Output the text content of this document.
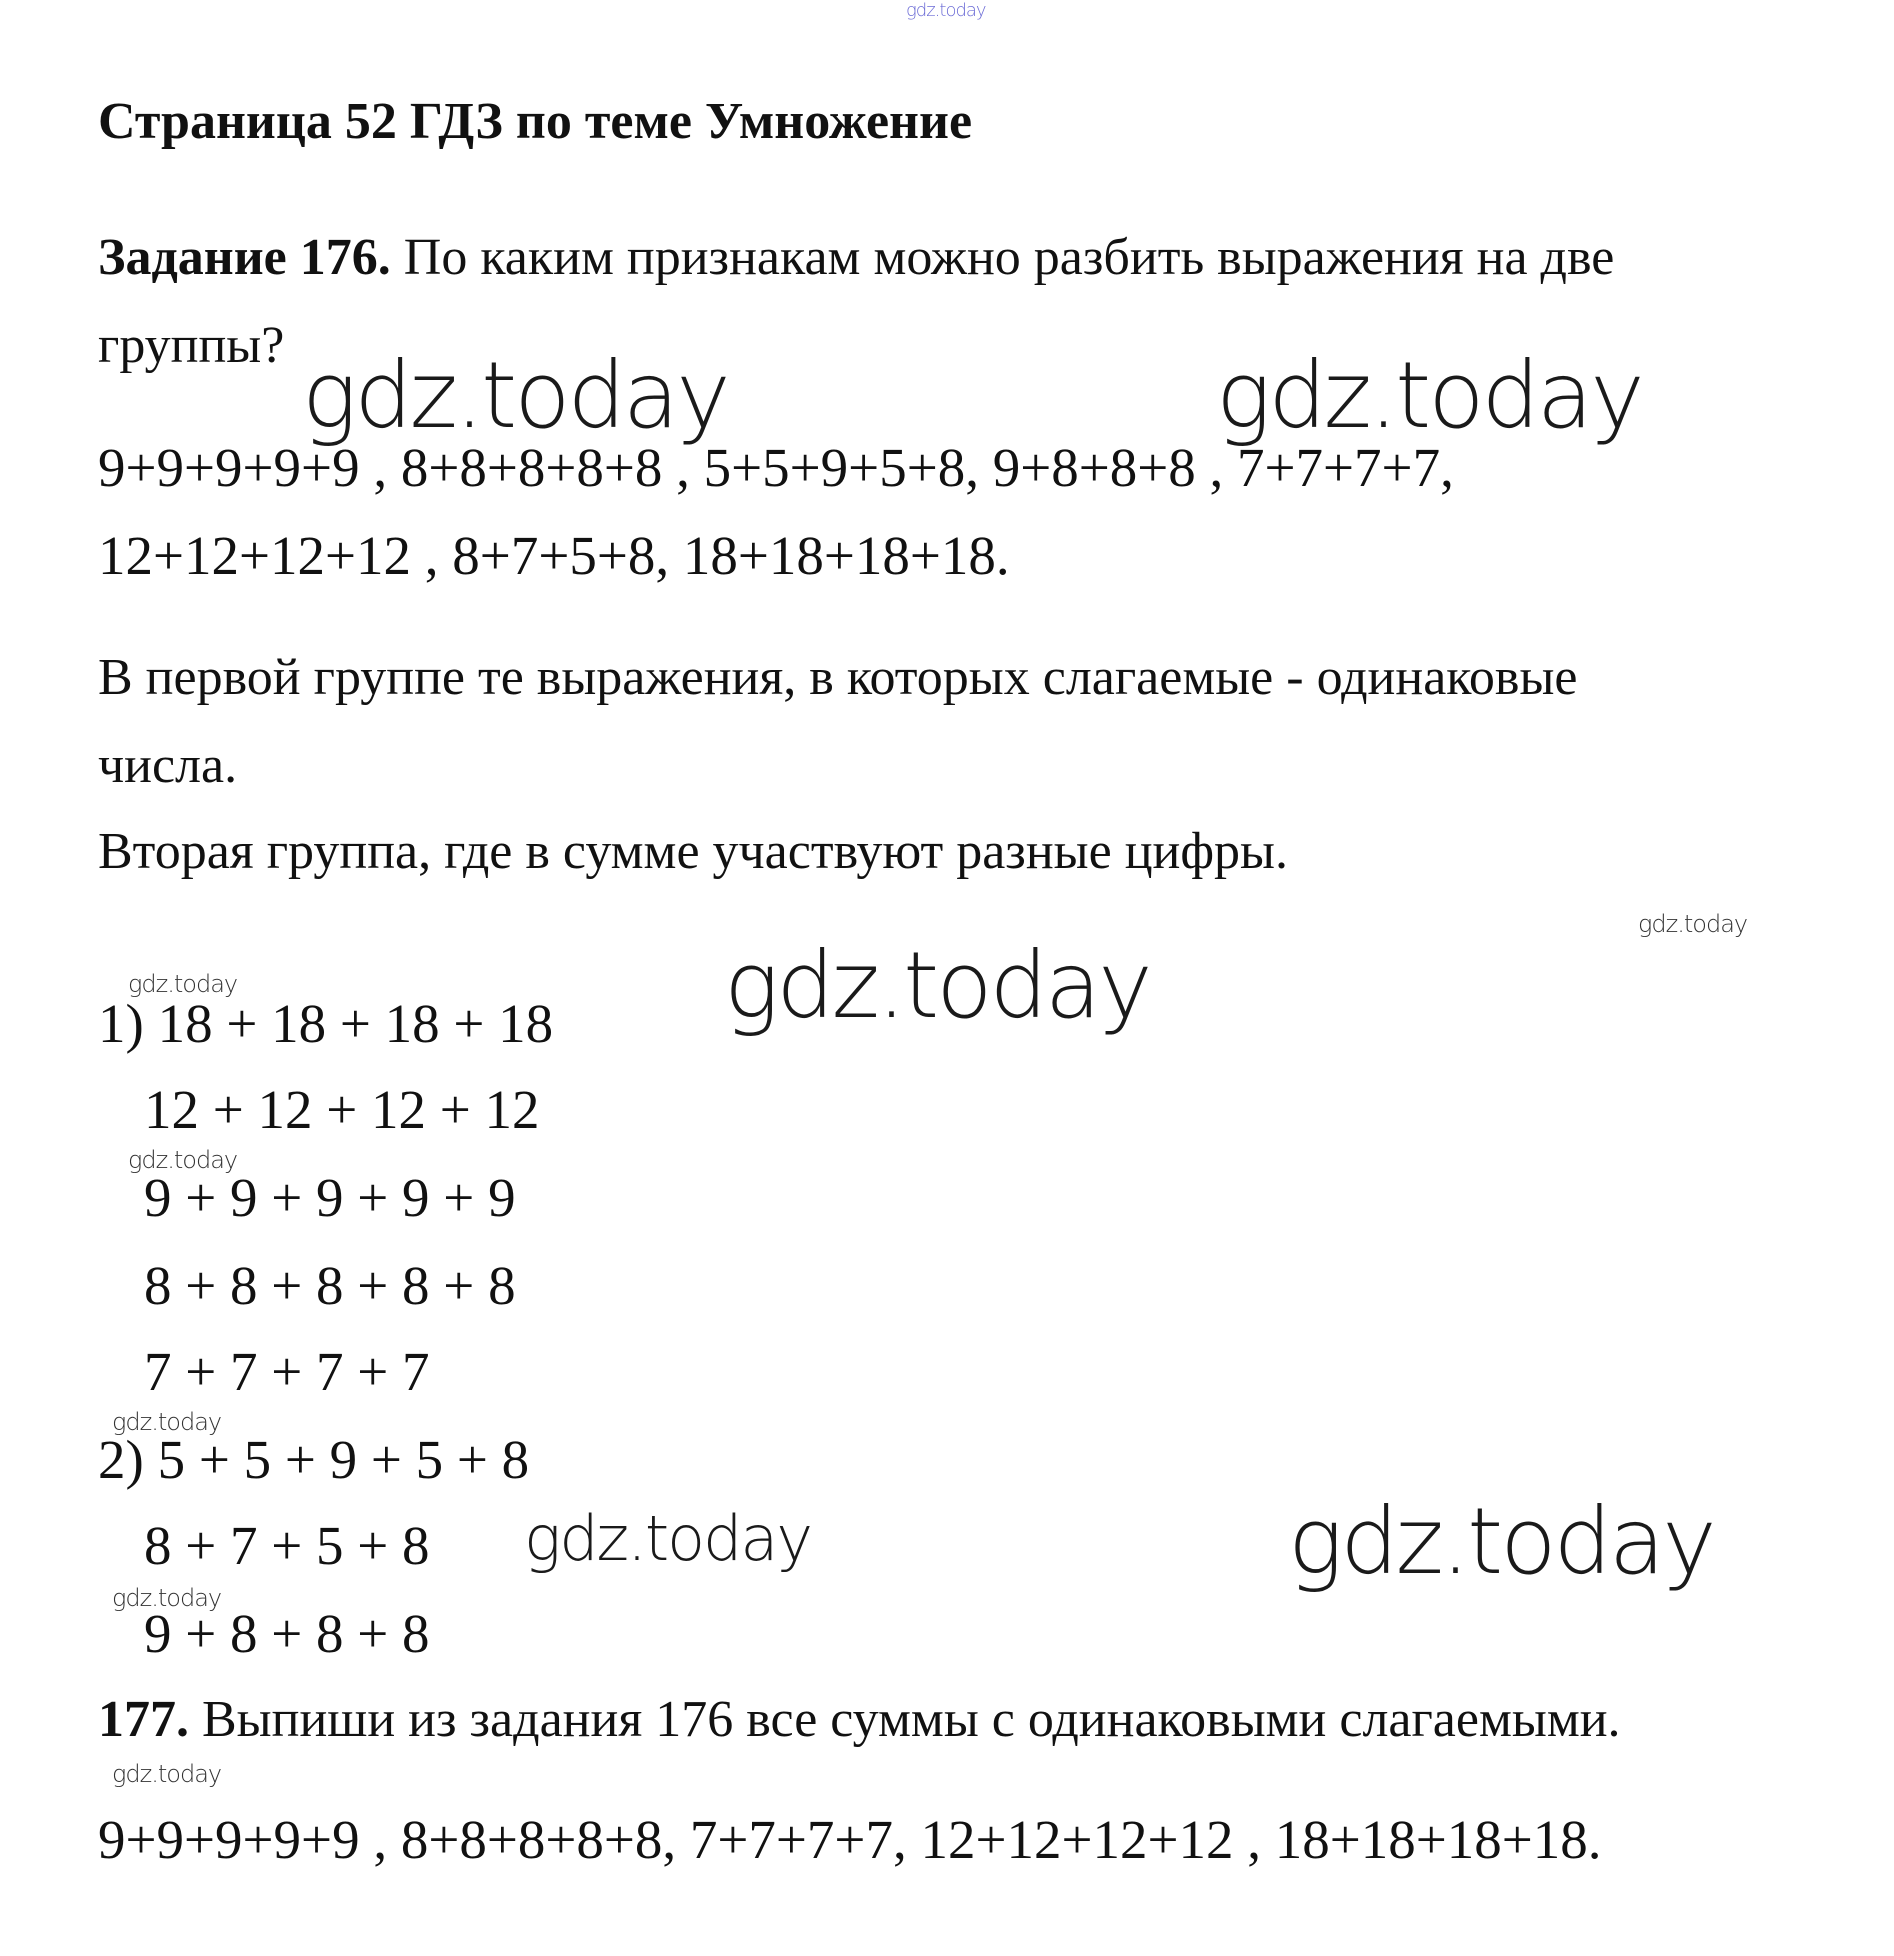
gdz.today
gdz.today	gdz.today
gdz.today
gdz.today
gdz.today
gdz.today
gdz.today
gdz.today	gdz.today
gdz.today
gdz.today
Страница 52 ГДЗ по теме Умножение
Задание 176. По каким признакам можно разбить выражения на две
группы?
9+9+9+9+9 , 8+8+8+8+8 , 5+5+9+5+8, 9+8+8+8 , 7+7+7+7,
12+12+12+12 , 8+7+5+8, 18+18+18+18.
В первой группе те выражения, в которых слагаемые - одинаковые
числа.
Вторая группа, где в сумме участвуют разные цифры.
1) 18 + 18 + 18 + 18
12 + 12 + 12 + 12
9 + 9 + 9 + 9 + 9
8 + 8 + 8 + 8 + 8
7 + 7 + 7 + 7
2) 5 + 5 + 9 + 5 + 8
8 + 7 + 5 + 8
9 + 8 + 8 + 8
177. Выпиши из задания 176 все суммы с одинаковыми слагаемыми.
9+9+9+9+9 , 8+8+8+8+8, 7+7+7+7, 12+12+12+12 , 18+18+18+18.
